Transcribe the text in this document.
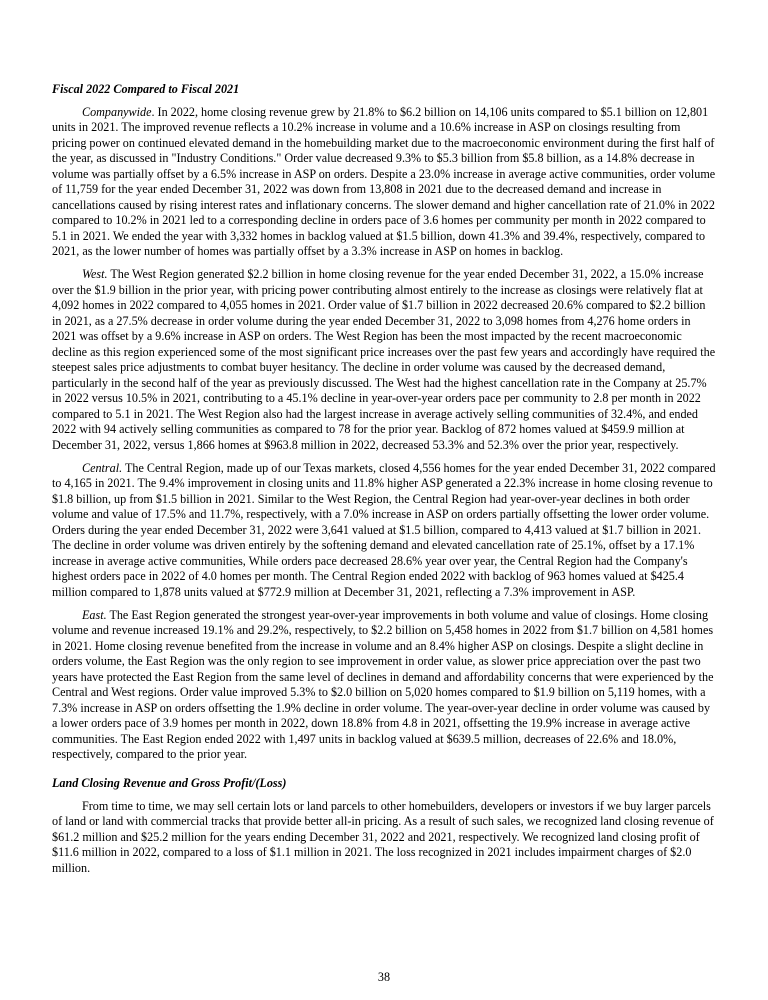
Fiscal 2022 Compared to Fiscal 2021

Companywide. In 2022, home closing revenue grew by 21.8% to $6.2 billion on 14,106 units compared to $5.1 billion on 12,801 units in 2021. The improved revenue reflects a 10.2% increase in volume and a 10.6% increase in ASP on closings resulting from pricing power on continued elevated demand in the homebuilding market due to the macroeconomic environment during the first half of the year, as discussed in "Industry Conditions." Order value decreased 9.3% to $5.3 billion from $5.8 billion, as a 14.8% decrease in volume was partially offset by a 6.5% increase in ASP on orders. Despite a 23.0% increase in average active communities, order volume of 11,759 for the year ended December 31, 2022 was down from 13,808 in 2021 due to the decreased demand and increase in cancellations caused by rising interest rates and inflationary concerns. The slower demand and higher cancellation rate of 21.0% in 2022 compared to 10.2% in 2021 led to a corresponding decline in orders pace of 3.6 homes per community per month in 2022 compared to 5.1 in 2021. We ended the year with 3,332 homes in backlog valued at $1.5 billion, down 41.3% and 39.4%, respectively, compared to 2021, as the lower number of homes was partially offset by a 3.3% increase in ASP on homes in backlog.

West. The West Region generated $2.2 billion in home closing revenue for the year ended December 31, 2022, a 15.0% increase over the $1.9 billion in the prior year, with pricing power contributing almost entirely to the increase as closings were relatively flat at 4,092 homes in 2022 compared to 4,055 homes in 2021. Order value of $1.7 billion in 2022 decreased 20.6% compared to $2.2 billion in 2021, as a 27.5% decrease in order volume during the year ended December 31, 2022 to 3,098 homes from 4,276 home orders in 2021 was offset by a 9.6% increase in ASP on orders. The West Region has been the most impacted by the recent macroeconomic decline as this region experienced some of the most significant price increases over the past few years and accordingly have required the steepest sales price adjustments to combat buyer hesitancy. The decline in order volume was caused by the decreased demand, particularly in the second half of the year as previously discussed. The West had the highest cancellation rate in the Company at 25.7% in 2022 versus 10.5% in 2021, contributing to a 45.1% decline in year-over-year orders pace per community to 2.8 per month in 2022 compared to 5.1 in 2021. The West Region also had the largest increase in average actively selling communities of 32.4%, and ended 2022 with 94 actively selling communities as compared to 78 for the prior year. Backlog of 872 homes valued at $459.9 million at December 31, 2022, versus 1,866 homes at $963.8 million in 2022, decreased 53.3% and 52.3% over the prior year, respectively.

Central. The Central Region, made up of our Texas markets, closed 4,556 homes for the year ended December 31, 2022 compared to 4,165 in 2021. The 9.4% improvement in closing units and 11.8% higher ASP generated a 22.3% increase in home closing revenue to $1.8 billion, up from $1.5 billion in 2021. Similar to the West Region, the Central Region had year-over-year declines in both order volume and value of 17.5% and 11.7%, respectively, with a 7.0% increase in ASP on orders partially offsetting the lower order volume. Orders during the year ended December 31, 2022 were 3,641 valued at $1.5 billion, compared to 4,413 valued at $1.7 billion in 2021. The decline in order volume was driven entirely by the softening demand and elevated cancellation rate of 25.1%, offset by a 17.1% increase in average active communities, While orders pace decreased 28.6% year over year, the Central Region had the Company's highest orders pace in 2022 of 4.0 homes per month. The Central Region ended 2022 with backlog of 963 homes valued at $425.4 million compared to 1,878 units valued at $772.9 million at December 31, 2021, reflecting a 7.3% improvement in ASP.

East. The East Region generated the strongest year-over-year improvements in both volume and value of closings. Home closing volume and revenue increased 19.1% and 29.2%, respectively, to $2.2 billion on 5,458 homes in 2022 from $1.7 billion on 4,581 homes in 2021. Home closing revenue benefited from the increase in volume and an 8.4% higher ASP on closings. Despite a slight decline in orders volume, the East Region was the only region to see improvement in order value, as slower price appreciation over the past two years have protected the East Region from the same level of declines in demand and affordability concerns that were experienced by the Central and West regions. Order value improved 5.3% to $2.0 billion on 5,020 homes compared to $1.9 billion on 5,119 homes, with a 7.3% increase in ASP on orders offsetting the 1.9% decline in order volume. The year-over-year decline in order volume was caused by a lower orders pace of 3.9 homes per month in 2022, down 18.8% from 4.8 in 2021, offsetting the 19.9% increase in average active communities. The East Region ended 2022 with 1,497 units in backlog valued at $639.5 million, decreases of 22.6% and 18.0%, respectively, compared to the prior year.

Land Closing Revenue and Gross Profit/(Loss)

From time to time, we may sell certain lots or land parcels to other homebuilders, developers or investors if we buy larger parcels of land or land with commercial tracks that provide better all-in pricing. As a result of such sales, we recognized land closing revenue of $61.2 million and $25.2 million for the years ending December 31, 2022 and 2021, respectively. We recognized land closing profit of $11.6 million in 2022, compared to a loss of $1.1 million in 2021. The loss recognized in 2021 includes impairment charges of $2.0 million.

38
